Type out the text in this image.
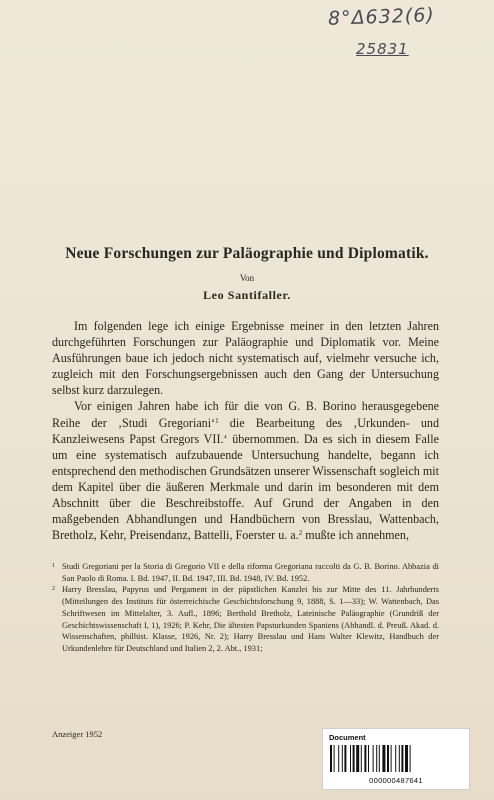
8°Δ632(6)
25831
Neue Forschungen zur Paläographie und Diplomatik.
Von
Leo Santifaller.

Im folgenden lege ich einige Ergebnisse meiner in den letzten Jahren durchgeführten Forschungen zur Paläographie und Diplomatik vor. Meine Ausführungen baue ich jedoch nicht systematisch auf, vielmehr versuche ich, zugleich mit den Forschungsergebnissen auch den Gang der Untersuchung selbst kurz darzulegen.

Vor einigen Jahren habe ich für die von G. B. Borino herausgegebene Reihe der ‚Studi Gregoriani‘$^1$ die Bearbeitung des ‚Urkunden- und Kanzleiwesens Papst Gregors VII.‘ übernommen. Da es sich in diesem Falle um eine systematisch aufzubauende Untersuchung handelte, begann ich entsprechend den methodischen Grundsätzen unserer Wissenschaft sogleich mit dem Kapitel über die äußeren Merkmale und darin im besonderen mit dem Abschnitt über die Beschreibstoffe. Auf Grund der Angaben in den maßgebenden Abhandlungen und Handbüchern von Bresslau, Wattenbach, Bretholz, Kehr, Preisendanz, Battelli, Foerster u. a.$^2$ mußte ich annehmen,

1 Studi Gregoriani per la Storia di Gregorio VII e della riforma Gregoriana raccolti da G. B. Borino. Abbazia di San Paolo di Roma. I. Bd. 1947, II. Bd. 1947, III. Bd. 1948, IV. Bd. 1952.
2 Harry Bresslau, Papyrus und Pergament in der päpstlichen Kanzlei bis zur Mitte des 11. Jahrhunderts (Mitteilungen des Instituts für österreichische Geschichtsforschung 9, 1888, S. 1—33); W. Wattenbach, Das Schriftwesen im Mittelalter, 3. Aufl., 1896; Berthold Bretholz, Lateinische Paläographie (Grundriß der Geschichtswissenschaft I, 1), 1926; P. Kehr, Die ältesten Papsturkunden Spaniens (Abhandl. d. Preuß. Akad. d. Wissenschaften, philhist. Klasse, 1926, Nr. 2); Harry Bresslau und Hans Walter Klewitz, Handbuch der Urkundenlehre für Deutschland und Italien 2, 2. Abt., 1931;
Anzeiger 1952	Document
000000487641
